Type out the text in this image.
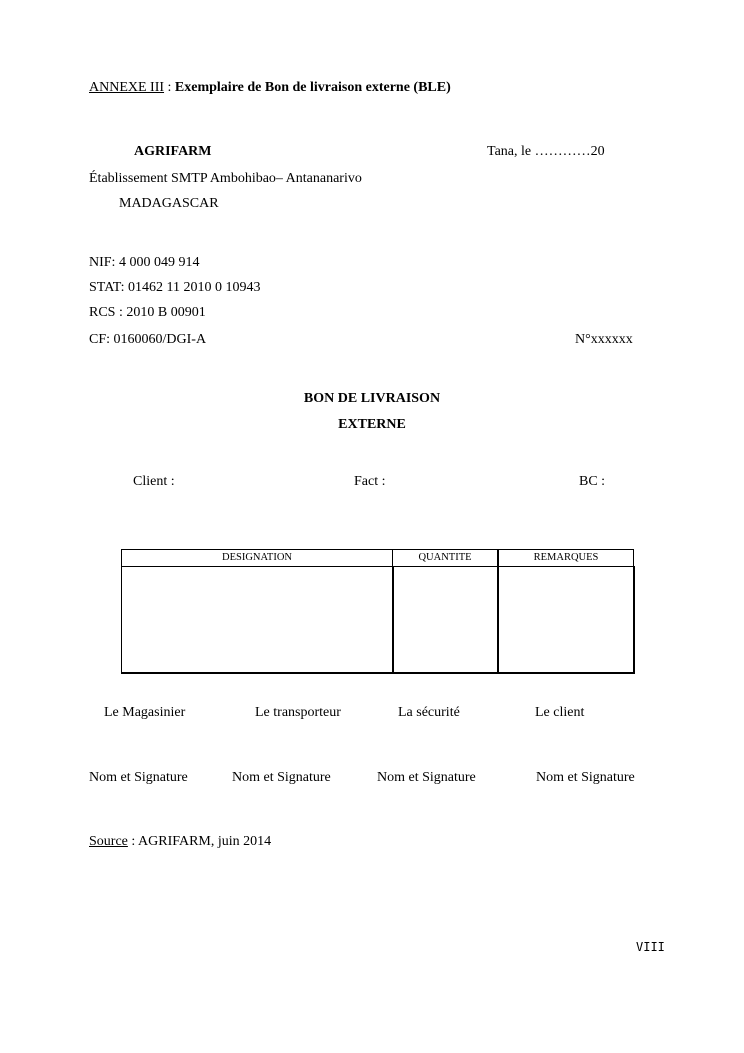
ANNEXE III : Exemplaire de Bon de livraison externe (BLE)
AGRIFARM	Tana, le …………20
Établissement SMTP Ambohibao– Antananarivo
MADAGASCAR
NIF: 4 000 049 914
STAT: 01462 11 2010 0 10943
RCS : 2010 B 00901
CF: 0160060/DGI-A	N°xxxxxx
BON DE LIVRAISON
EXTERNE
Client :	Fact :	BC :
DESIGNATION	QUANTITE	REMARQUES

Le Magasinier	Le transporteur	La sécurité	Le client
Nom et Signature	Nom et Signature	Nom et Signature	Nom et Signature
Source : AGRIFARM, juin 2014
VIII
